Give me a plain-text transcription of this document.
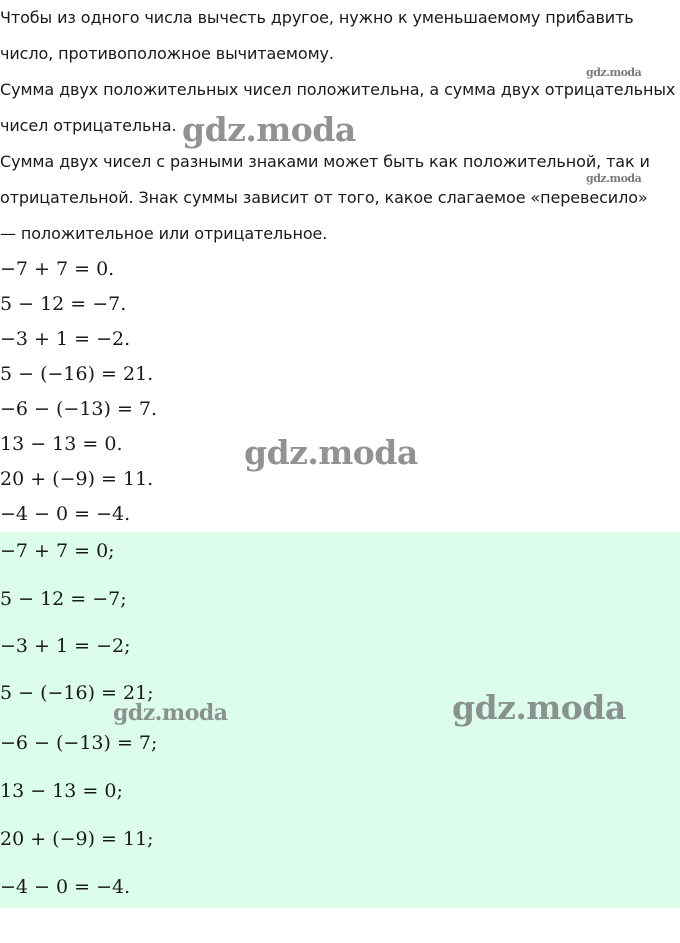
Чтобы из одного числа вычесть другое, нужно к уменьшаемому прибавить

число, противоположное вычитаемому.

Сумма двух положительных чисел положительна, а сумма двух отрицательных

чисел отрицательна.

Сумма двух чисел с разными знаками может быть как положительной, так и

отрицательной. Знак суммы зависит от того, какое слагаемое «перевесило»

— положительное или отрицательное.

−7 + 7 = 0.

5 − 12 = −7.

−3 + 1 = −2.

5 − (−16) = 21.

−6 − (−13) = 7.

13 − 13 = 0.

20 + (−9) = 11.

−4 − 0 = −4.

−7 + 7 = 0;

5 − 12 = −7;

−3 + 1 = −2;

5 − (−16) = 21;

−6 − (−13) = 7;

13 − 13 = 0;

20 + (−9) = 11;

−4 − 0 = −4.

gdz.moda
gdz.moda
gdz.moda
gdz.moda
gdz.moda	gdz.moda
